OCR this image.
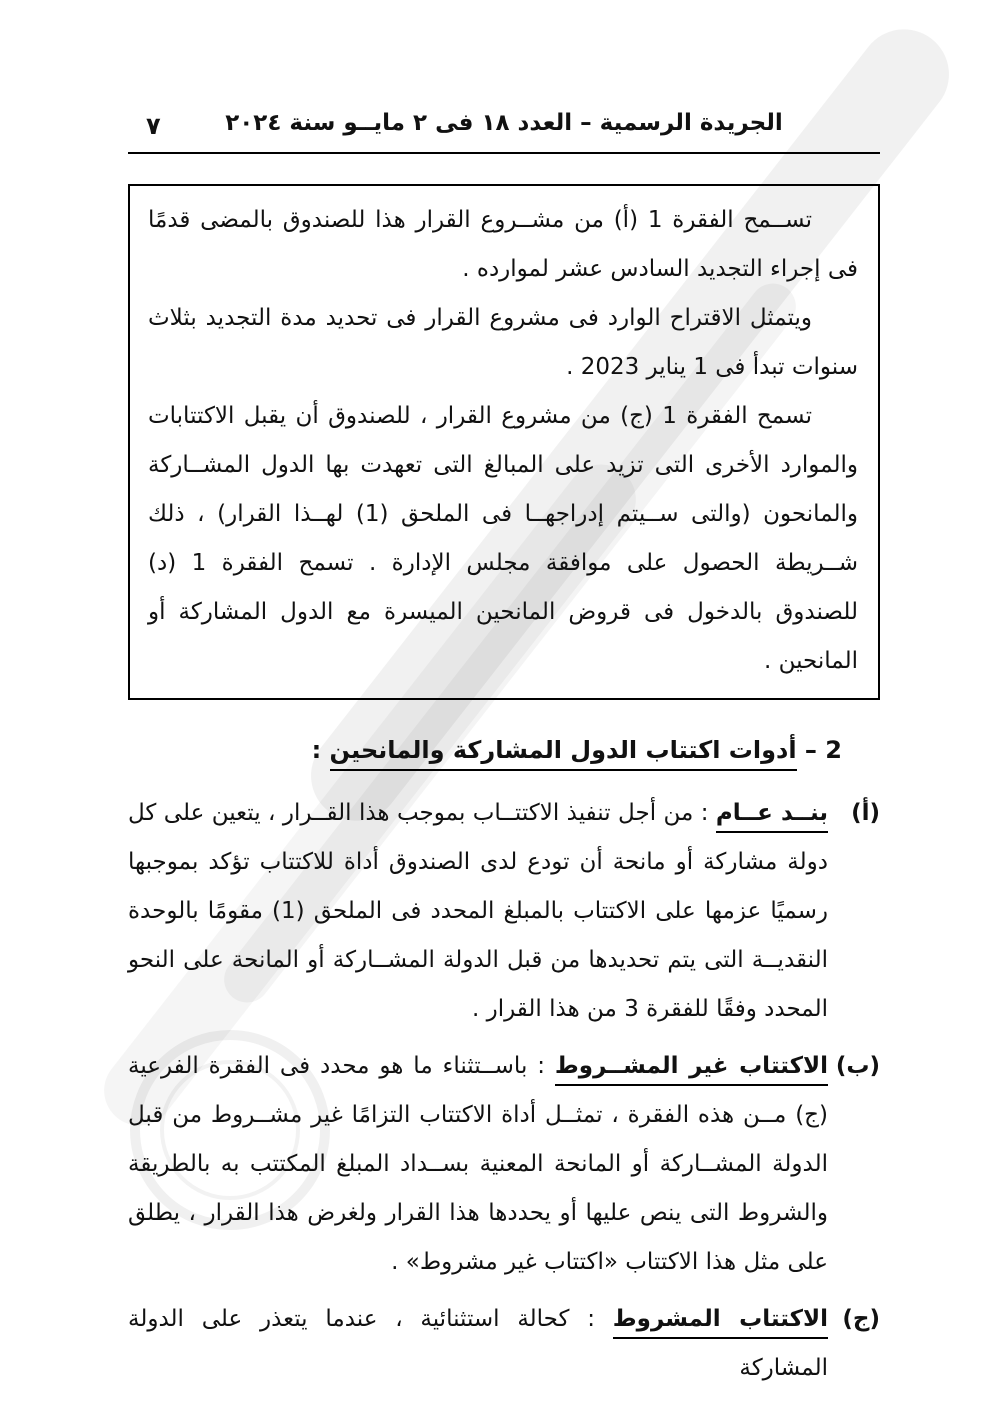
٧	الجريدة الرسمية – العدد ١٨ فى ٢ مايــو سنة ٢٠٢٤

تســمح الفقرة 1 (أ) من مشــروع القرار هذا للصندوق بالمضى قدمًا فى إجراء التجديد السادس عشر لموارده .

ويتمثل الاقتراح الوارد فى مشروع القرار فى تحديد مدة التجديد بثلاث سنوات تبدأ فى 1 يناير 2023 .

تسمح الفقرة 1 (ج) من مشروع القرار ، للصندوق أن يقبل الاكتتابات والموارد الأخرى التى تزيد على المبالغ التى تعهدت بها الدول المشــاركة والمانحون (والتى ســيتم إدراجهــا فى الملحق (1) لهــذا القرار) ، ذلك شــريطة الحصول على موافقة مجلس الإدارة . تسمح الفقرة 1 (د) للصندوق بالدخول فى قروض المانحين الميسرة مع الدول المشاركة أو المانحين .

2 – أدوات اكتتاب الدول المشاركة والمانحين :
(أ)
بنــد عــام : من أجل تنفيذ الاكتتــاب بموجب هذا القــرار ، يتعين على كل دولة مشاركة أو مانحة أن تودع لدى الصندوق أداة للاكتتاب تؤكد بموجبها رسميًا عزمها على الاكتتاب بالمبلغ المحدد فى الملحق (1) مقومًا بالوحدة النقديــة التى يتم تحديدها من قبل الدولة المشــاركة أو المانحة على النحو المحدد وفقًا للفقرة 3 من هذا القرار .
(ب)
الاكتتاب غير المشــروط : باســتثناء ما هو محدد فى الفقرة الفرعية (ج) مــن هذه الفقرة ، تمثــل أداة الاكتتاب التزامًا غير مشــروط من قبل الدولة المشــاركة أو المانحة المعنية بســداد المبلغ المكتتب به بالطريقة والشروط التى ينص عليها أو يحددها هذا القرار ولغرض هذا القرار ، يطلق على مثل هذا الاكتتاب «اكتتاب غير مشروط» .
(ج)
الاكتتاب المشروط : كحالة استثنائية ، عندما يتعذر على الدولة المشاركة
